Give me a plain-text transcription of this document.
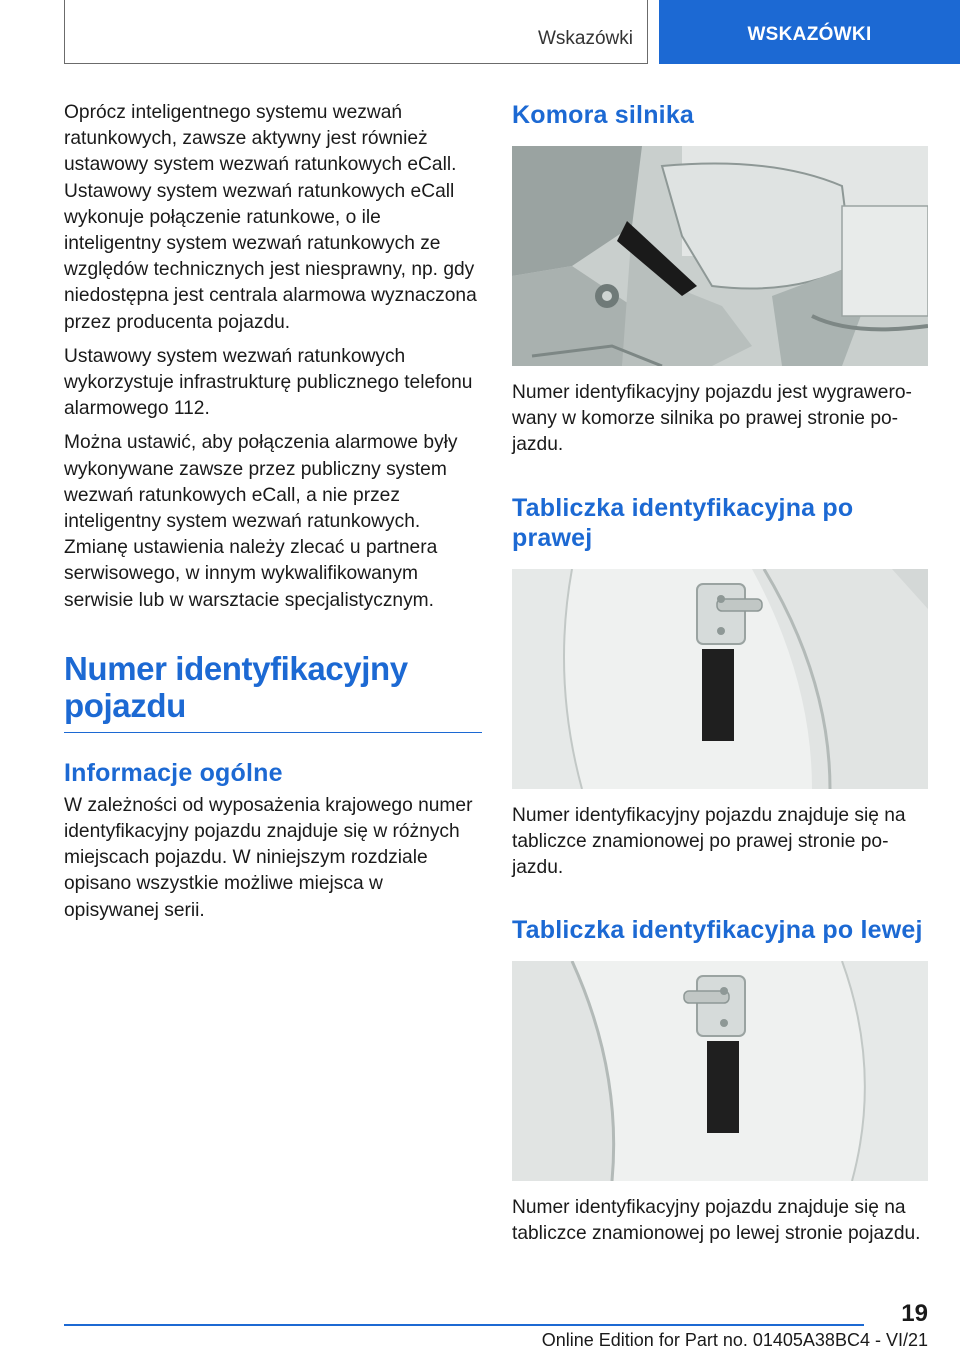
Wskazówki	WSKAZÓWKI

Oprócz inteligentnego systemu wezwań ratunkowych, zawsze aktywny jest również ustawowy system wezwań ratunkowych eCall. Ustawowy system wezwań ratunkowych eCall wykonuje połączenie ratunkowe, o ile inteligentny system wezwań ratunkowych ze względów technicznych jest niesprawny, np. gdy niedostępna jest centrala alarmowa wyznaczona przez producenta pojazdu.

Ustawowy system wezwań ratunkowych wykorzystuje infrastrukturę publicznego telefonu alarmowego 112.

Można ustawić, aby połączenia alarmowe były wykonywane zawsze przez publiczny system wezwań ratunkowych eCall, a nie przez inteligentny system wezwań ratunkowych. Zmianę ustawienia należy zlecać u partnera serwisowego, w innym wykwalifikowanym serwisie lub w warsztacie specjalistycznym.

Numer identyfikacyjny pojazdu
Informacje ogólne

W zależności od wyposażenia krajowego numer identyfikacyjny pojazdu znajduje się w różnych miejscach pojazdu. W niniejszym rozdziale opisano wszystkie możliwe miejsca w opisywanej serii.

Komora silnika

Numer identyfikacyjny pojazdu jest wygrawerowany w komorze silnika po prawej stronie pojazdu.

Tabliczka identyfikacyjna po prawej

Numer identyfikacyjny pojazdu znajduje się na tabliczce znamionowej po prawej stronie pojazdu.

Tabliczka identyfikacyjna po lewej

Numer identyfikacyjny pojazdu znajduje się na tabliczce znamionowej po lewej stronie pojazdu.

19
Online Edition for Part no. 01405A38BC4 - VI/21
